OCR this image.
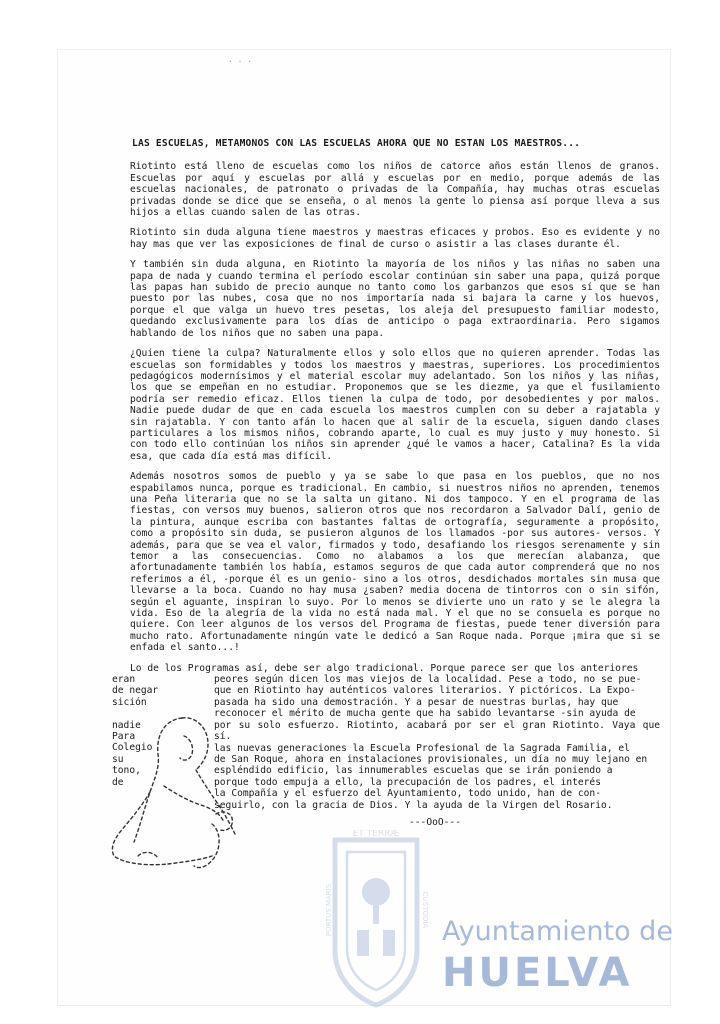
· · ·
LAS ESCUELAS, METAMONOS CON LAS ESCUELAS AHORA QUE NO ESTAN LOS MAESTROS...
Riotinto está lleno de escuelas como los niños de catorce años están llenos de granos. Escuelas por aquí y escuelas por allá y escuelas por en medio, porque además de las escuelas nacionales, de patronato o privadas de la Compañía, hay muchas otras escuelas privadas donde se dice que se enseña, o al menos la gente lo piensa así porque lleva a sus hijos a ellas cuando salen de las otras.
Riotinto sin duda alguna tiene maestros y maestras eficaces y probos. Eso es evidente y no hay mas que ver las exposiciones de final de curso o asistir a las clases durante él.
Y también sin duda alguna, en Riotinto la mayoría de los niños y las niñas no saben una papa de nada y cuando termina el período escolar continúan sin saber una papa, quizá porque las papas han subido de precio aunque no tanto como los garbanzos que esos sí que se han puesto por las nubes, cosa que no nos importaría nada si bajara la carne y los huevos, porque el que valga un huevo tres pesetas, los aleja del presupuesto familiar modesto, quedando exclusivamente para los días de anticipo o paga extraordinaria. Pero sigamos hablando de los niños que no saben una papa.
¿Quien tiene la culpa? Naturalmente ellos y solo ellos que no quieren aprender. Todas las escuelas son formidables y todos los maestros y maestras, superiores. Los procedimientos pedagógicos modernísimos y el material escolar muy adelantado. Son los niños y las niñas, los que se empeñan en no estudiar. Proponemos que se les diezme, ya que el fusilamiento podría ser remedio eficaz. Ellos tienen la culpa de todo, por desobedientes y por malos. Nadie puede dudar de que en cada escuela los maestros cumplen con su deber a rajatabla y sin rajatabla. Y con tanto afán lo hacen que al salir de la escuela, siguen dando clases particulares a los mismos niños, cobrando aparte, lo cual es muy justo y muy honesto. Si con todo ello continúan los niños sin aprender ¿qué le vamos a hacer, Catalina? Es la vida esa, que cada día está mas difícil.
Además nosotros somos de pueblo y ya se sabe lo que pasa en los pueblos, que no nos espabilamos nunca, porque es tradicional. En cambio, si nuestros niños no aprenden, tenemos una Peña literaria que no se la salta un gitano. Ni dos tampoco. Y en el programa de las fiestas, con versos muy buenos, salieron otros que nos recordaron a Salvador Dalí, genio de la pintura, aunque escriba con bastantes faltas de ortografía, seguramente a propósito, como a propósito sin duda, se pusieron algunos de los llamados -por sus autores- versos. Y además, para que se vea el valor, firmados y todo, desafiando los riesgos serenamente y sin temor a las consecuencias. Como no alabamos a los que merecían alabanza, que afortunadamente también los había, estamos seguros de que cada autor comprenderá que no nos referimos a él, -porque él es un genio- sino a los otros, desdichados mortales sin musa que llevarse a la boca. Cuando no hay musa ¿saben? media docena de tintorros con o sin sifón, según el aguante, inspiran lo suyo. Por lo menos se divierte uno un rato y se le alegra la vida. Eso de la alegría de la vida no está nada mal. Y el que no se consuela es porque no quiere. Con leer algunos de los versos del Programa de fiestas, puede tener diversión para mucho rato. Afortunadamente ningún vate le dedicó a San Roque nada. Porque ¡mira que si se enfada el santo...!
Lo de los Programas así, debe ser algo tradicional. Porque parece ser que los anteriores
eran
de negar
sición
nadie
Para
Colegio
su
tono,
de
peores según dicen los mas viejos de la localidad. Pese a todo, no se pue-
que en Riotinto hay auténticos valores literarios. Y pictóricos. La Expo-
pasada ha sido una demostración. Y a pesar de nuestras burlas, hay que
reconocer el mérito de mucha gente que ha sabido levantarse -sin ayuda de
por su solo esfuerzo. Riotinto, acabará por ser el gran Riotinto. Vaya que sí.
las nuevas generaciones la Escuela Profesional de la Sagrada Familia, el
de San Roque, ahora en instalaciones provisionales, un día no muy lejano en
espléndido edificio, las innumerables escuelas que se irán poniendo a
porque todo empuja a ello, la precupación de los padres, el interés
la Compañía y el esfuerzo del Ayuntamiento, todo unido, han de con-
seguirlo, con la gracia de Dios. Y la ayuda de la Virgen del Rosario.
---OoO---
ET TERRÆ
PORTUS MARIS	CUSTODIA
Ayuntamiento de
HUELVA
